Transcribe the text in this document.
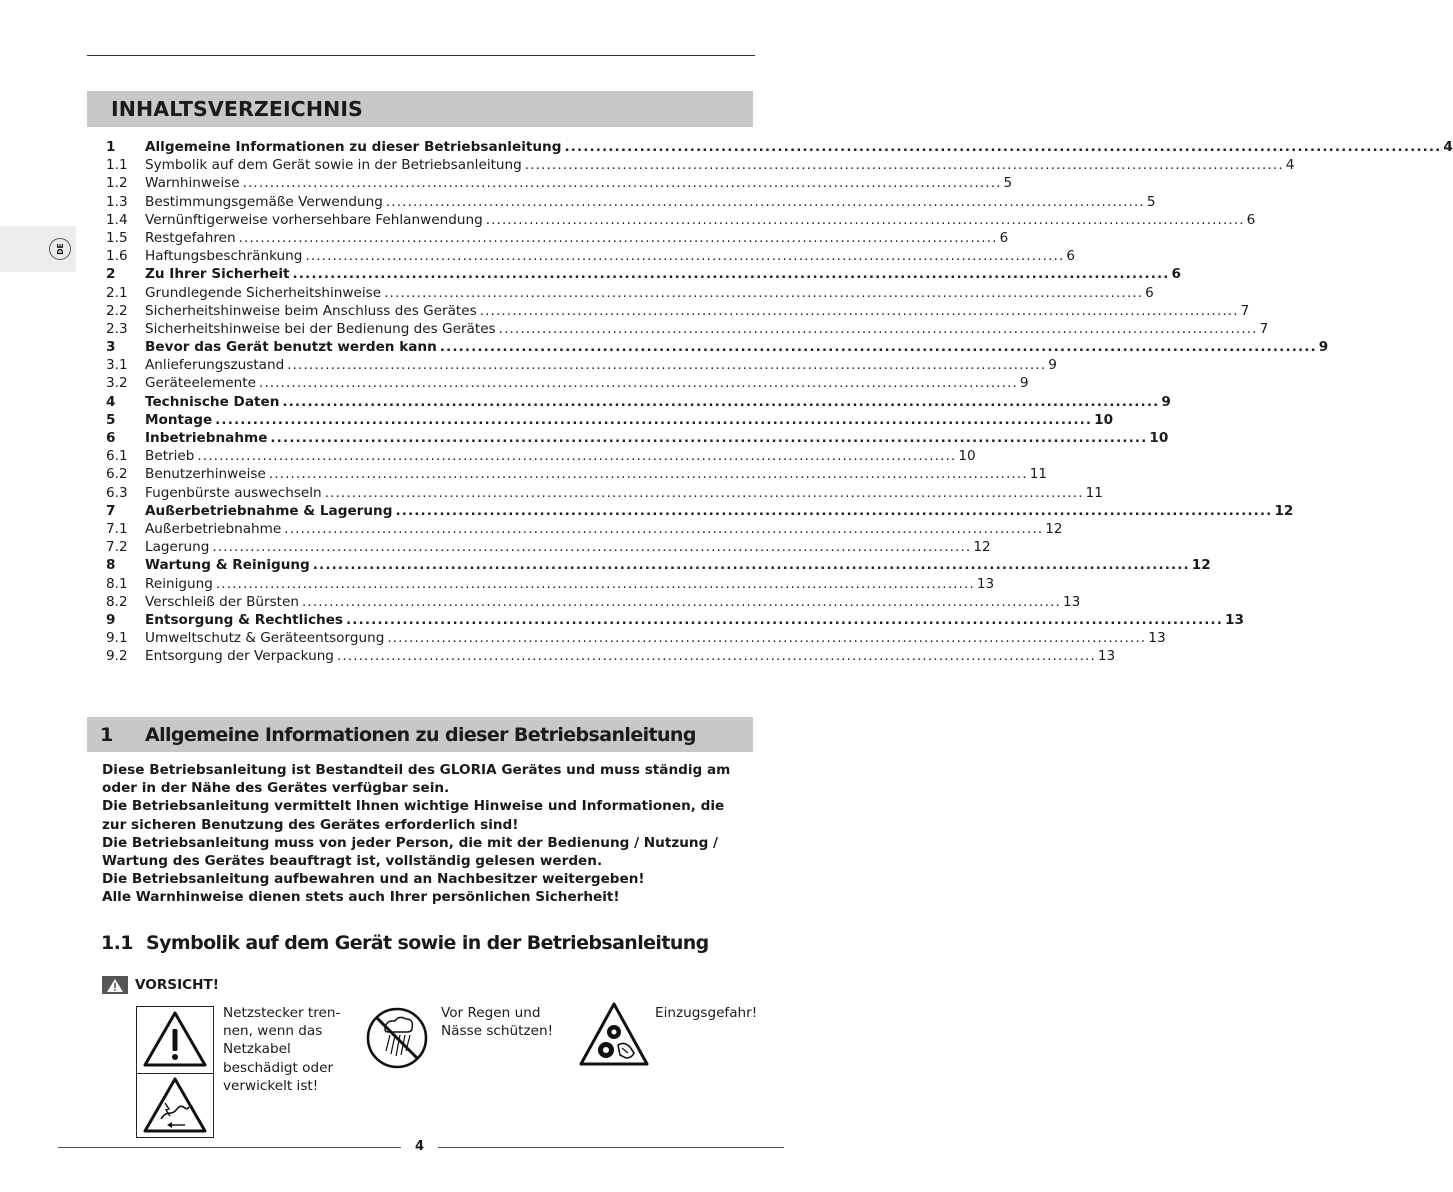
DE
INHALTSVERZEICHNIS
1	Allgemeine Informationen zu dieser Betriebsanleitung ............................................................................................................................................ 4
1.1	Symbolik auf dem Gerät sowie in der Betriebsanleitung ............................................................................................................................................ 4
1.2	Warnhinweise ............................................................................................................................................ 5
1.3	Bestimmungsgemäße Verwendung ............................................................................................................................................ 5
1.4	Vernünftigerweise vorhersehbare Fehlanwendung ............................................................................................................................................ 6
1.5	Restgefahren ............................................................................................................................................ 6
1.6	Haftungsbeschränkung ............................................................................................................................................ 6
2	Zu Ihrer Sicherheit ............................................................................................................................................ 6
2.1	Grundlegende Sicherheitshinweise ............................................................................................................................................ 6
2.2	Sicherheitshinweise beim Anschluss des Gerätes ............................................................................................................................................ 7
2.3	Sicherheitshinweise bei der Bedienung des Gerätes ............................................................................................................................................ 7
3	Bevor das Gerät benutzt werden kann ............................................................................................................................................ 9
3.1	Anlieferungszustand ............................................................................................................................................ 9
3.2	Geräteelemente ............................................................................................................................................ 9
4	Technische Daten ............................................................................................................................................ 9
5	Montage ............................................................................................................................................ 10
6	Inbetriebnahme ............................................................................................................................................ 10
6.1	Betrieb ............................................................................................................................................ 10
6.2	Benutzerhinweise ............................................................................................................................................ 11
6.3	Fugenbürste auswechseln ............................................................................................................................................ 11
7	Außerbetriebnahme & Lagerung ............................................................................................................................................ 12
7.1	Außerbetriebnahme ............................................................................................................................................ 12
7.2	Lagerung ............................................................................................................................................ 12
8	Wartung & Reinigung ............................................................................................................................................ 12
8.1	Reinigung ............................................................................................................................................ 13
8.2	Verschleiß der Bürsten ............................................................................................................................................ 13
9	Entsorgung & Rechtliches ............................................................................................................................................ 13
9.1	Umweltschutz & Geräteentsorgung ............................................................................................................................................ 13
9.2	Entsorgung der Verpackung ............................................................................................................................................ 13
1	Allgemeine Informationen zu dieser Betriebsanleitung

Diese Betriebsanleitung ist Bestandteil des GLORIA Gerätes und muss ständig am oder in der Nähe des Gerätes verfügbar sein.

Die Betriebsanleitung vermittelt Ihnen wichtige Hinweise und Informationen, die zur sicheren Benutzung des Gerätes erforderlich sind!

Die Betriebsanleitung muss von jeder Person, die mit der Bedienung / Nutzung / Wartung des Gerätes beauftragt ist, vollständig gelesen werden.

Die Betriebsanleitung aufbewahren und an Nachbesitzer weitergeben!

Alle Warnhinweise dienen stets auch Ihrer persönlichen Sicherheit!

1.1 Symbolik auf dem Gerät sowie in der Betriebsanleitung
VORSICHT!
Netzstecker tren-nen, wenn das Netzkabel beschädigt oder verwickelt ist!
Vor Regen und Nässe schützen!
Einzugsgefahr!
4
